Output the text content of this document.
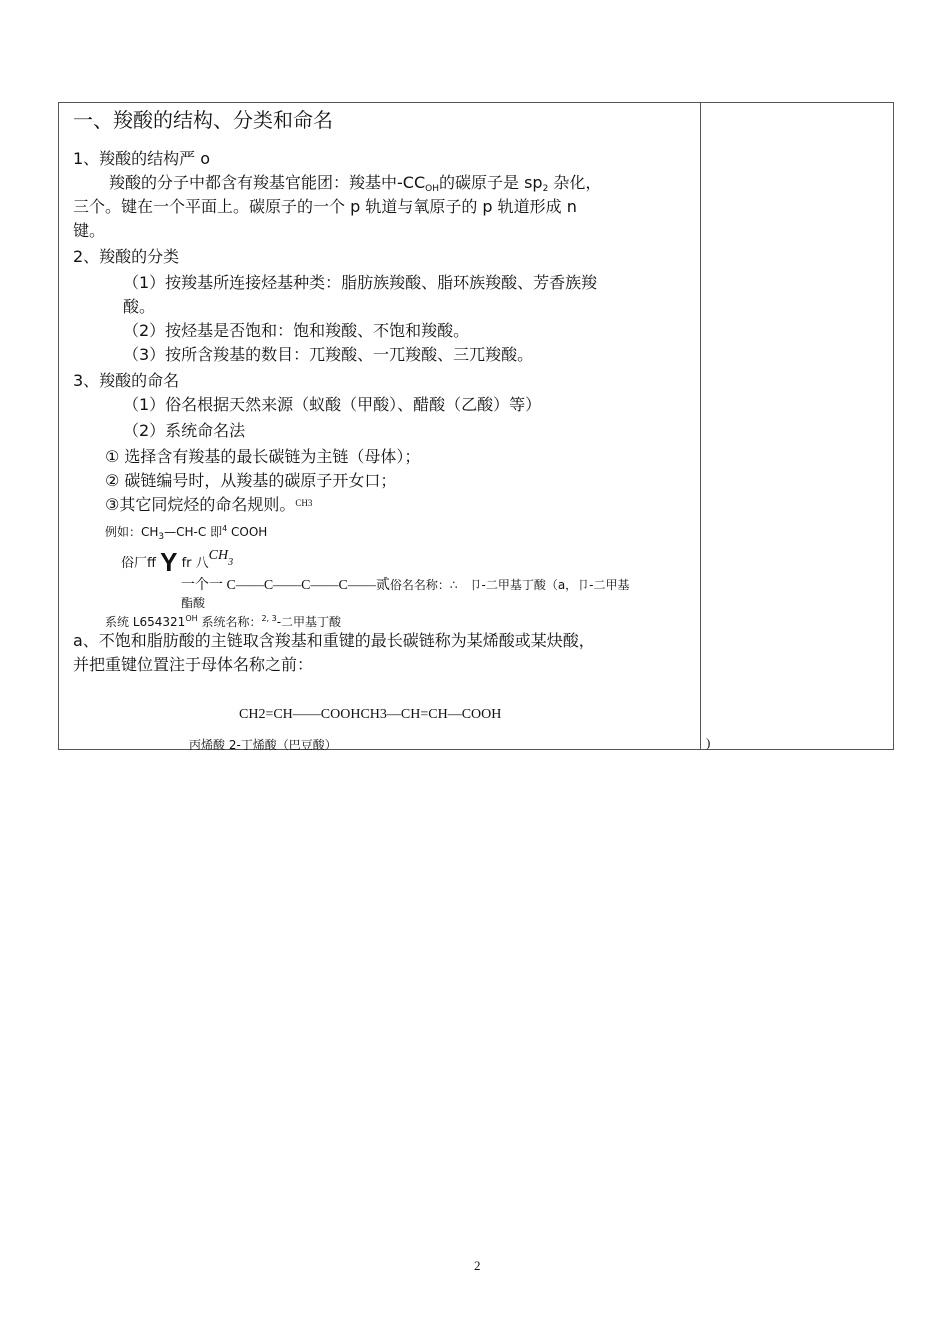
一、羧酸的结构、分类和命名
1、羧酸的结构严 o
羧酸的分子中都含有羧基官能团：羧基中$-CC_{OH}$的碳原子是 $sp_2$ 杂化，
三个。键在一个平面上。碳原子的一个 p 轨道与氧原子的 p 轨道形成 n
键。
2、羧酸的分类
（1）按羧基所连接烃基种类：脂肪族羧酸、脂环族羧酸、芳香族羧
酸。
（2）按烃基是否饱和：饱和羧酸、不饱和羧酸。
（3）按所含羧基的数目：兀羧酸、一兀羧酸、三兀羧酸。
3、羧酸的命名
（1）俗名根据天然来源（蚁酸（甲酸）、醋酸（乙酸）等）
（2）系统命名法
① 选择含有羧基的最长碳链为主链（母体）；
② 碳链编号时，从羧基的碳原子开女口；
③其它同烷烃的命名规则。$^{CH3}$
例如：$CH_3—CH-C$ 即$^4$ COOH
俗厂ff Y fr 八CH3
一个一 C——C——C——C——贰俗名名称：∴　卩-二甲基丁酸（a，卩-二甲基
酯酸
系统 $L654321^{OH}$ 系统名称：$^{2, 3}$-二甲基丁酸
a、不饱和脂肪酸的主链取含羧基和重键的最长碳链称为某烯酸或某炔酸，
并把重键位置注于母体名称之前：
CH2=CH——COOHCH3—CH=CH—COOH
丙烯酸 2-丁烯酸（巴豆酸）	)
2
